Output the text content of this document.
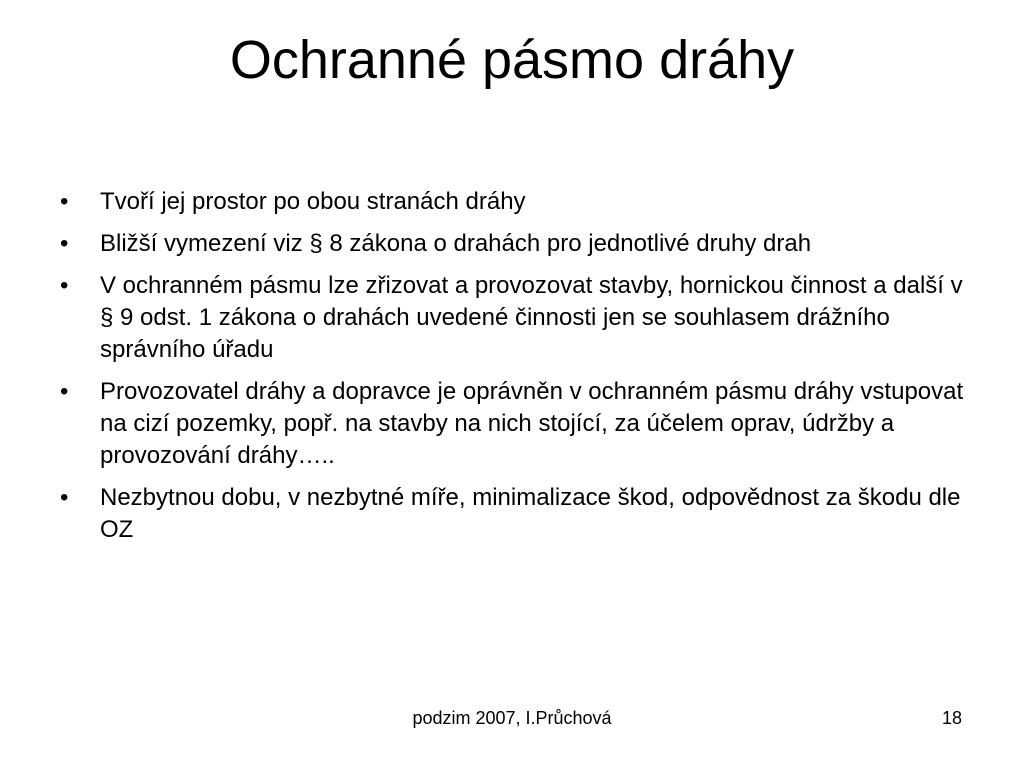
Ochranné pásmo dráhy
•	Tvoří jej prostor po obou stranách dráhy
•	Bližší vymezení viz § 8 zákona o drahách pro jednotlivé druhy drah
•	V ochranném pásmu lze zřizovat a provozovat stavby, hornickou činnost a další v § 9 odst. 1 zákona o drahách uvedené činnosti jen se souhlasem drážního správního úřadu
•	Provozovatel dráhy a dopravce je oprávněn v ochranném pásmu dráhy vstupovat na cizí pozemky, popř. na stavby na nich stojící, za účelem oprav, údržby a provozování dráhy…..
•	Nezbytnou dobu, v nezbytné míře, minimalizace škod, odpovědnost za škodu dle OZ
podzim 2007, I.Průchová	18
